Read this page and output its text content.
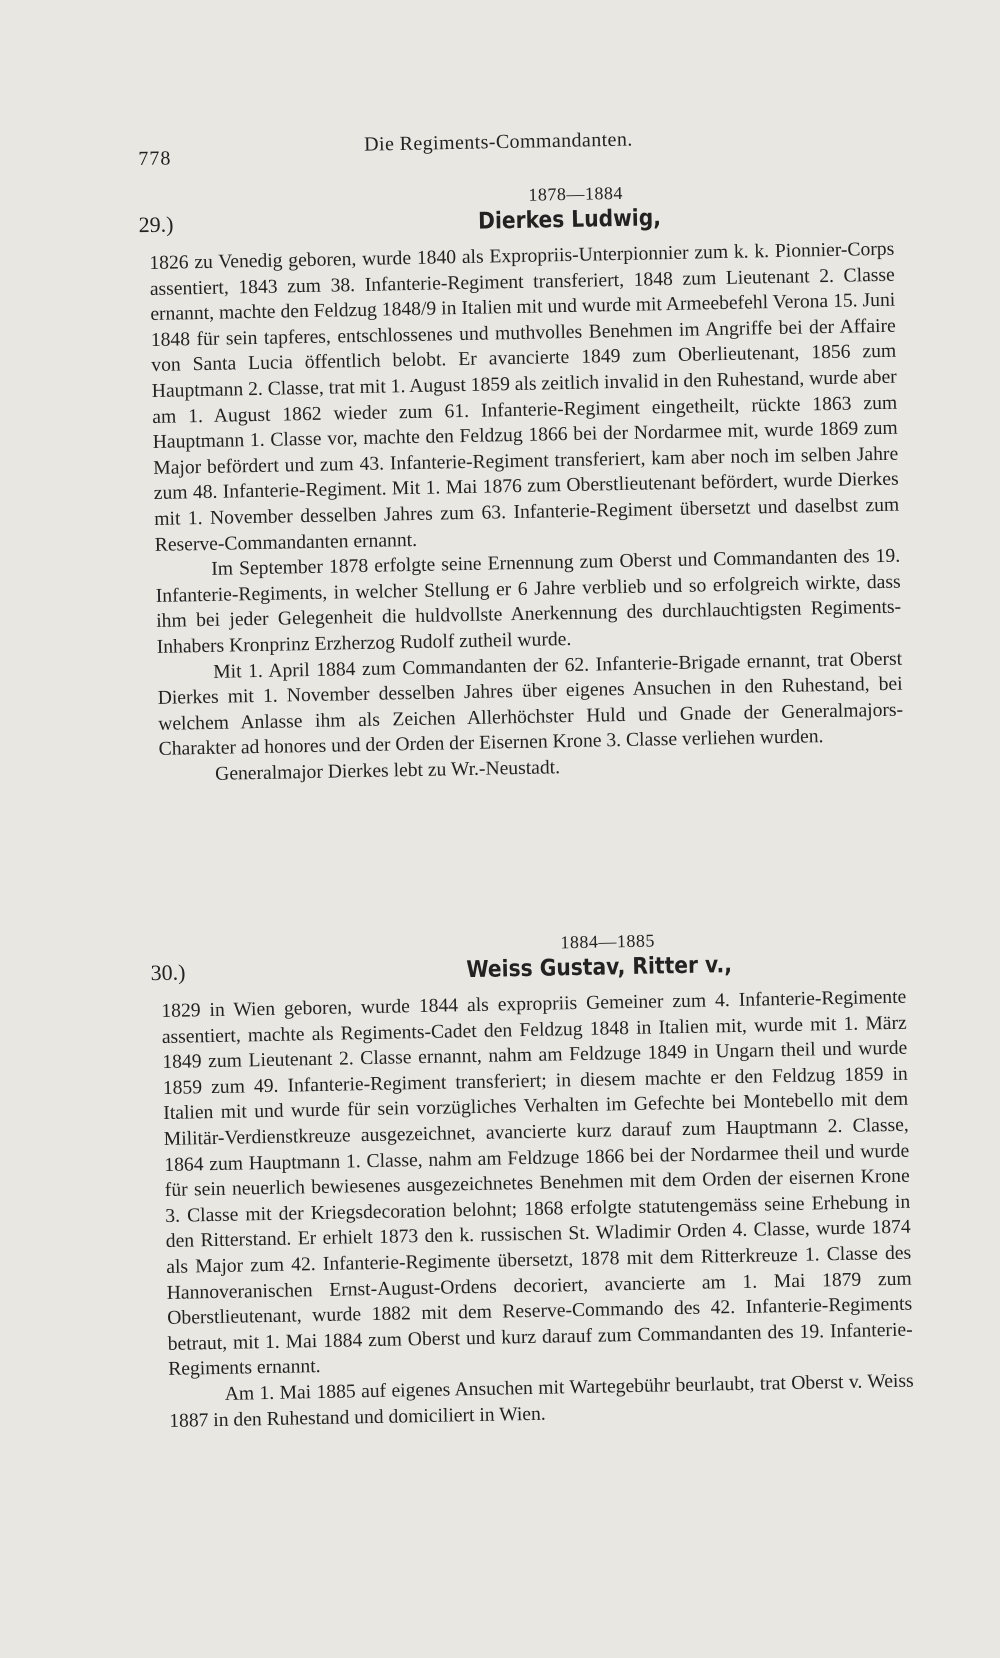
778
Die Regiments-Commandanten.
29.)

1878—1884

Dierkes Ludwig,

1826 zu Venedig geboren, wurde 1840 als Expropriis-Unterpionnier zum k. k. Pionnier-Corps assentiert, 1843 zum 38. Infanterie-Regiment transferiert, 1848 zum Lieutenant 2. Classe ernannt, machte den Feldzug 1848/9 in Italien mit und wurde mit Armeebefehl Verona 15. Juni 1848 für sein tapferes, entschlossenes und muthvolles Benehmen im Angriffe bei der Affaire von Santa Lucia öffentlich belobt. Er avancierte 1849 zum Oberlieutenant, 1856 zum Hauptmann 2. Classe, trat mit 1. August 1859 als zeitlich invalid in den Ruhestand, wurde aber am 1. August 1862 wieder zum 61. Infanterie-Regiment eingetheilt, rückte 1863 zum Hauptmann 1. Classe vor, machte den Feldzug 1866 bei der Nordarmee mit, wurde 1869 zum Major befördert und zum 43. Infanterie-Regiment transferiert, kam aber noch im selben Jahre zum 48. Infanterie-Regiment. Mit 1. Mai 1876 zum Oberstlieutenant befördert, wurde Dierkes mit 1. November desselben Jahres zum 63. Infanterie-Regiment übersetzt und daselbst zum Reserve-Commandanten ernannt.

Im September 1878 erfolgte seine Ernennung zum Oberst und Commandanten des 19. Infanterie-Regiments, in welcher Stellung er 6 Jahre verblieb und so erfolgreich wirkte, dass ihm bei jeder Gelegenheit die huldvollste Anerkennung des durchlauchtigsten Regiments-Inhabers Kronprinz Erzherzog Rudolf zutheil wurde.

Mit 1. April 1884 zum Commandanten der 62. Infanterie-Brigade ernannt, trat Oberst Dierkes mit 1. November desselben Jahres über eigenes Ansuchen in den Ruhestand, bei welchem Anlasse ihm als Zeichen Allerhöchster Huld und Gnade der Generalmajors-Charakter ad honores und der Orden der Eisernen Krone 3. Classe verliehen wurden.

Generalmajor Dierkes lebt zu Wr.-Neustadt.

30.)

1884—1885

Weiss Gustav, Ritter v.,

1829 in Wien geboren, wurde 1844 als expropriis Gemeiner zum 4. Infanterie-Regimente assentiert, machte als Regiments-Cadet den Feldzug 1848 in Italien mit, wurde mit 1. März 1849 zum Lieutenant 2. Classe ernannt, nahm am Feldzuge 1849 in Ungarn theil und wurde 1859 zum 49. Infanterie-Regiment transferiert; in diesem machte er den Feldzug 1859 in Italien mit und wurde für sein vorzügliches Verhalten im Gefechte bei Montebello mit dem Militär-Verdienstkreuze ausgezeichnet, avancierte kurz darauf zum Hauptmann 2. Classe, 1864 zum Hauptmann 1. Classe, nahm am Feldzuge 1866 bei der Nordarmee theil und wurde für sein neuerlich bewiesenes ausgezeichnetes Benehmen mit dem Orden der eisernen Krone 3. Classe mit der Kriegsdecoration belohnt; 1868 erfolgte statutengemäss seine Erhebung in den Ritterstand. Er erhielt 1873 den k. russischen St. Wladimir Orden 4. Classe, wurde 1874 als Major zum 42. Infanterie-Regimente übersetzt, 1878 mit dem Ritterkreuze 1. Classe des Hannoveranischen Ernst-August-Ordens decoriert, avancierte am 1. Mai 1879 zum Oberstlieutenant, wurde 1882 mit dem Reserve-Commando des 42. Infanterie-Regiments betraut, mit 1. Mai 1884 zum Oberst und kurz darauf zum Commandanten des 19. Infanterie-Regiments ernannt.

Am 1. Mai 1885 auf eigenes Ansuchen mit Wartegebühr beurlaubt, trat Oberst v. Weiss 1887 in den Ruhestand und domiciliert in Wien.
